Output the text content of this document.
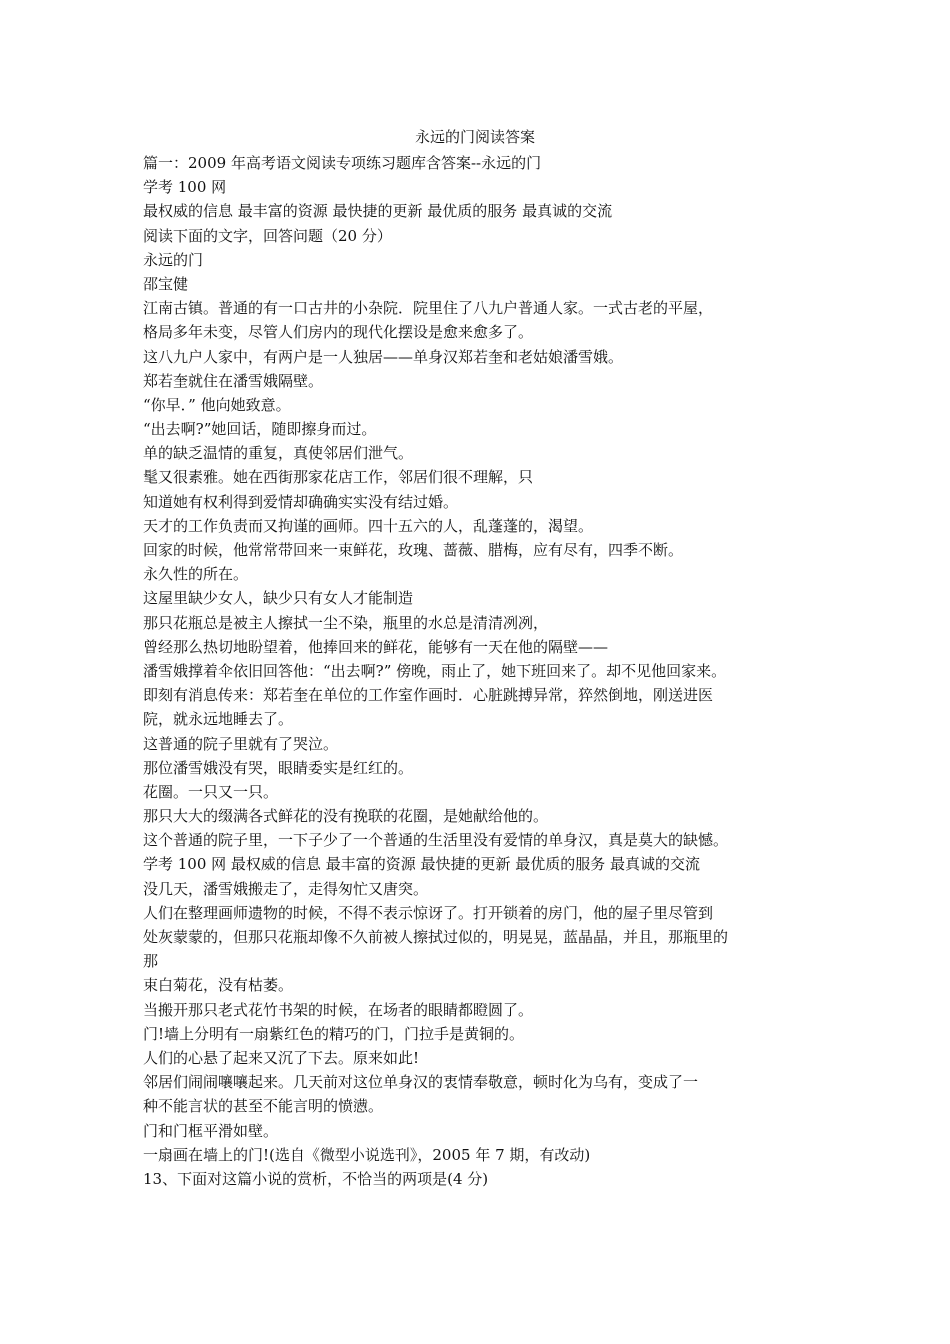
永远的门阅读答案
篇一：2009 年高考语文阅读专项练习题库含答案--永远的门
学考 100 网
最权威的信息 最丰富的资源 最快捷的更新 最优质的服务 最真诚的交流
阅读下面的文字，回答问题（20 分）
永远的门
邵宝健
江南古镇。普通的有一口古井的小杂院．院里住了八九户普通人家。一式古老的平屋，
格局多年未变，尽管人们房内的现代化摆设是愈来愈多了。
这八九户人家中，有两户是一人独居——单身汉郑若奎和老姑娘潘雪娥。
郑若奎就住在潘雪娥隔壁。
“你早．” 他向她致意。
“出去啊?”她回话，随即擦身而过。
单的缺乏温情的重复，真使邻居们泄气。
髦又很素雅。她在西街那家花店工作，邻居们很不理解，只
知道她有权利得到爱情却确确实实没有结过婚。
天才的工作负责而又拘谨的画师。四十五六的人，乱蓬蓬的，渴望。
回家的时候，他常常带回来一束鲜花，玫瑰、蔷薇、腊梅，应有尽有，四季不断。
永久性的所在。
这屋里缺少女人，缺少只有女人才能制造
那只花瓶总是被主人擦拭一尘不染，瓶里的水总是清清冽冽，
曾经那么热切地盼望着，他捧回来的鲜花，能够有一天在他的隔壁——
潘雪娥撑着伞依旧回答他：“出去啊?” 傍晚，雨止了，她下班回来了。却不见他回家来。
即刻有消息传来：郑若奎在单位的工作室作画时．心脏跳搏异常，猝然倒地，刚送进医
院，就永远地睡去了。
这普通的院子里就有了哭泣。
那位潘雪娥没有哭，眼睛委实是红红的。
花圈。一只又一只。
那只大大的缀满各式鲜花的没有挽联的花圈，是她献给他的。
这个普通的院子里，一下子少了一个普通的生活里没有爱情的单身汉，真是莫大的缺憾。
学考 100 网 最权威的信息 最丰富的资源 最快捷的更新 最优质的服务 最真诚的交流
没几天，潘雪娥搬走了，走得匆忙又唐突。
人们在整理画师遗物的时候，不得不表示惊讶了。打开锁着的房门，他的屋子里尽管到
处灰蒙蒙的，但那只花瓶却像不久前被人擦拭过似的，明晃晃，蓝晶晶，并且，那瓶里的
那
束白菊花，没有枯萎。
当搬开那只老式花竹书架的时候，在场者的眼睛都瞪圆了。
门!墙上分明有一扇紫红色的精巧的门，门拉手是黄铜的。
人们的心悬了起来又沉了下去。原来如此!
邻居们闹闹嚷嚷起来。几天前对这位单身汉的衷情奉敬意，顿时化为乌有，变成了一
种不能言状的甚至不能言明的愤懑。
门和门框平滑如壁。
一扇画在墙上的门!(选自《微型小说选刊》，2005 年 7 期，有改动)
13、下面对这篇小说的赏析，不恰当的两项是(4 分)
